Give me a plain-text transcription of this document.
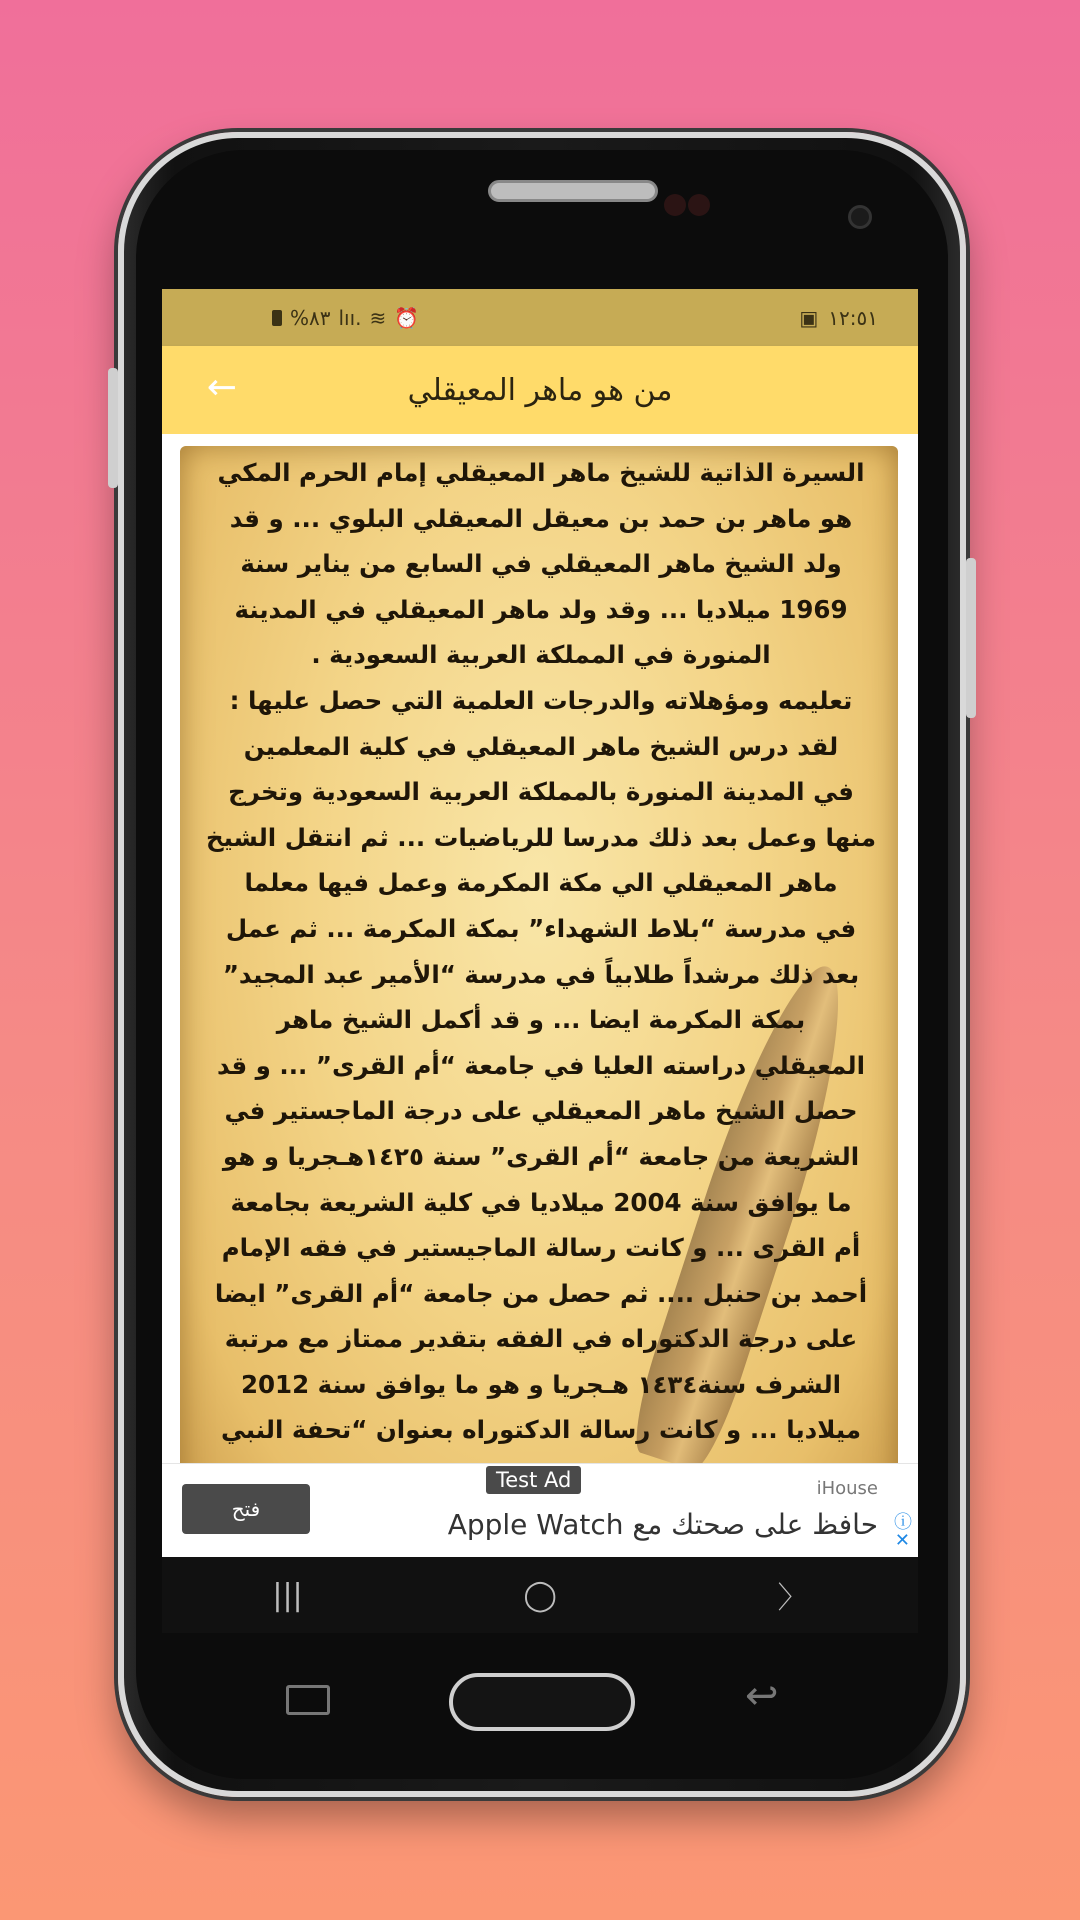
%٨٣ lıı. ≋ ⏰	▣ ١٢:٥١
←	من هو ماهر المعيقلي

السيرة الذاتية للشيخ ماهر المعيقلي إمام الحرم المكي

هو ماهر بن حمد بن معيقل المعيقلي البلوي ... و قد

ولد الشيخ ماهر المعيقلي في السابع من يناير سنة

1969 ميلاديا ... وقد ولد ماهر المعيقلي في المدينة

المنورة في المملكة العربية السعودية .

تعليمه ومؤهلاته والدرجات العلمية التي حصل عليها :

لقد درس الشيخ ماهر المعيقلي في كلية المعلمين

في المدينة المنورة بالمملكة العربية السعودية وتخرج

منها وعمل بعد ذلك مدرسا للرياضيات ... ثم انتقل الشيخ

ماهر المعيقلي الي مكة المكرمة وعمل فيها معلما

في مدرسة “بلاط الشهداء” بمكة المكرمة ... ثم عمل

بعد ذلك مرشداً طلابياً في مدرسة “الأمير عبد المجيد”

بمكة المكرمة ايضا ... و قد أكمل الشيخ ماهر

المعيقلي دراسته العليا في جامعة “أم القرى” ... و قد

حصل الشيخ ماهر المعيقلي على درجة الماجستير في

الشريعة من جامعة “أم القرى” سنة ١٤٢٥هـجريا و هو

ما يوافق سنة 2004 ميلاديا في كلية الشريعة بجامعة

أم القرى ... و كانت رسالة الماجيستير في فقه الإمام

أحمد بن حنبل .... ثم حصل من جامعة “أم القرى” ايضا

على درجة الدكتوراه في الفقه بتقدير ممتاز مع مرتبة

الشرف سنة١٤٣٤ هـجريا و هو ما يوافق سنة 2012

ميلاديا ... و كانت رسالة الدكتوراه بعنوان “تحفة النبي

Test Ad
فتح
iHouse
حافظ على صحتك مع Apple Watch ⓘ
✕
|||	◯	〉
↩
